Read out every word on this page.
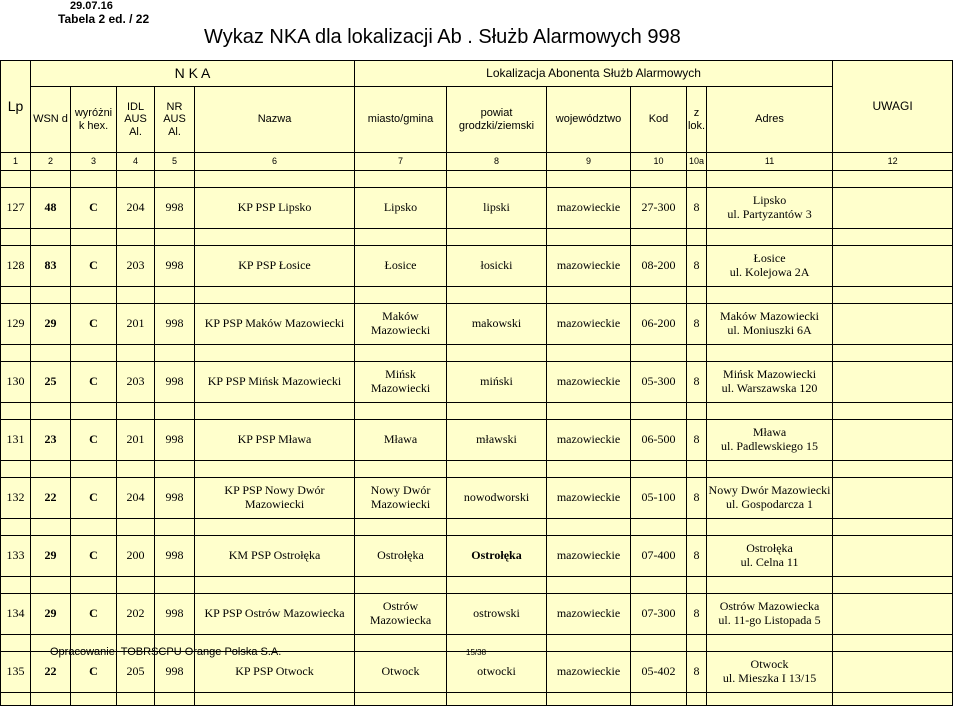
29.07.16
Tabela 2 ed. / 22
Wykaz NKA dla lokalizacji Ab . Służb Alarmowych 998
Lp	N K A					Lokalizacja Abonenta Służb Alarmowych						UWAGI
	WSN d	wyróżni
k hex.	IDL
AUS
Al.	NR
AUS
Al.	Nazwa	miasto/gmina	powiat
grodzki/ziemski	województwo	Kod	z
lok.	Adres	
1	2	3	4	5	6	7	8	9	10	10a	11	12

127	48	C	204	998	KP PSP Lipsko	Lipsko	lipski	mazowieckie	27-300	8	Lipsko
ul. Partyzantów 3	

128	83	C	203	998	KP PSP Łosice	Łosice	łosicki	mazowieckie	08-200	8	Łosice
ul. Kolejowa 2A	

129	29	C	201	998	KP PSP Maków Mazowiecki	Maków
Mazowiecki	makowski	mazowieckie	06-200	8	Maków Mazowiecki
ul. Moniuszki 6A	

130	25	C	203	998	KP PSP Mińsk Mazowiecki	Mińsk
Mazowiecki	miński	mazowieckie	05-300	8	Mińsk Mazowiecki
ul. Warszawska 120	

131	23	C	201	998	KP PSP Mława	Mława	mławski	mazowieckie	06-500	8	Mława
ul. Padlewskiego 15	

132	22	C	204	998	KP PSP Nowy Dwór Mazowiecki	Nowy Dwór
Mazowiecki	nowodworski	mazowieckie	05-100	8	Nowy Dwór Mazowiecki
ul. Gospodarcza 1	

133	29	C	200	998	KM PSP Ostrołęka	Ostrołęka	Ostrołęka	mazowieckie	07-400	8	Ostrołęka
ul. Celna 11	

134	29	C	202	998	KP PSP Ostrów Mazowiecka	Ostrów
Mazowiecka	ostrowski	mazowieckie	07-300	8	Ostrów Mazowiecka
ul. 11-go Listopada 5	

135	22	C	205	998	KP PSP Otwock	Otwock	otwocki	mazowieckie	05-402	8	Otwock
ul. Mieszka I 13/15	

Opracowanie: TOBRSCPU Orange Polska S.A.	15/38
